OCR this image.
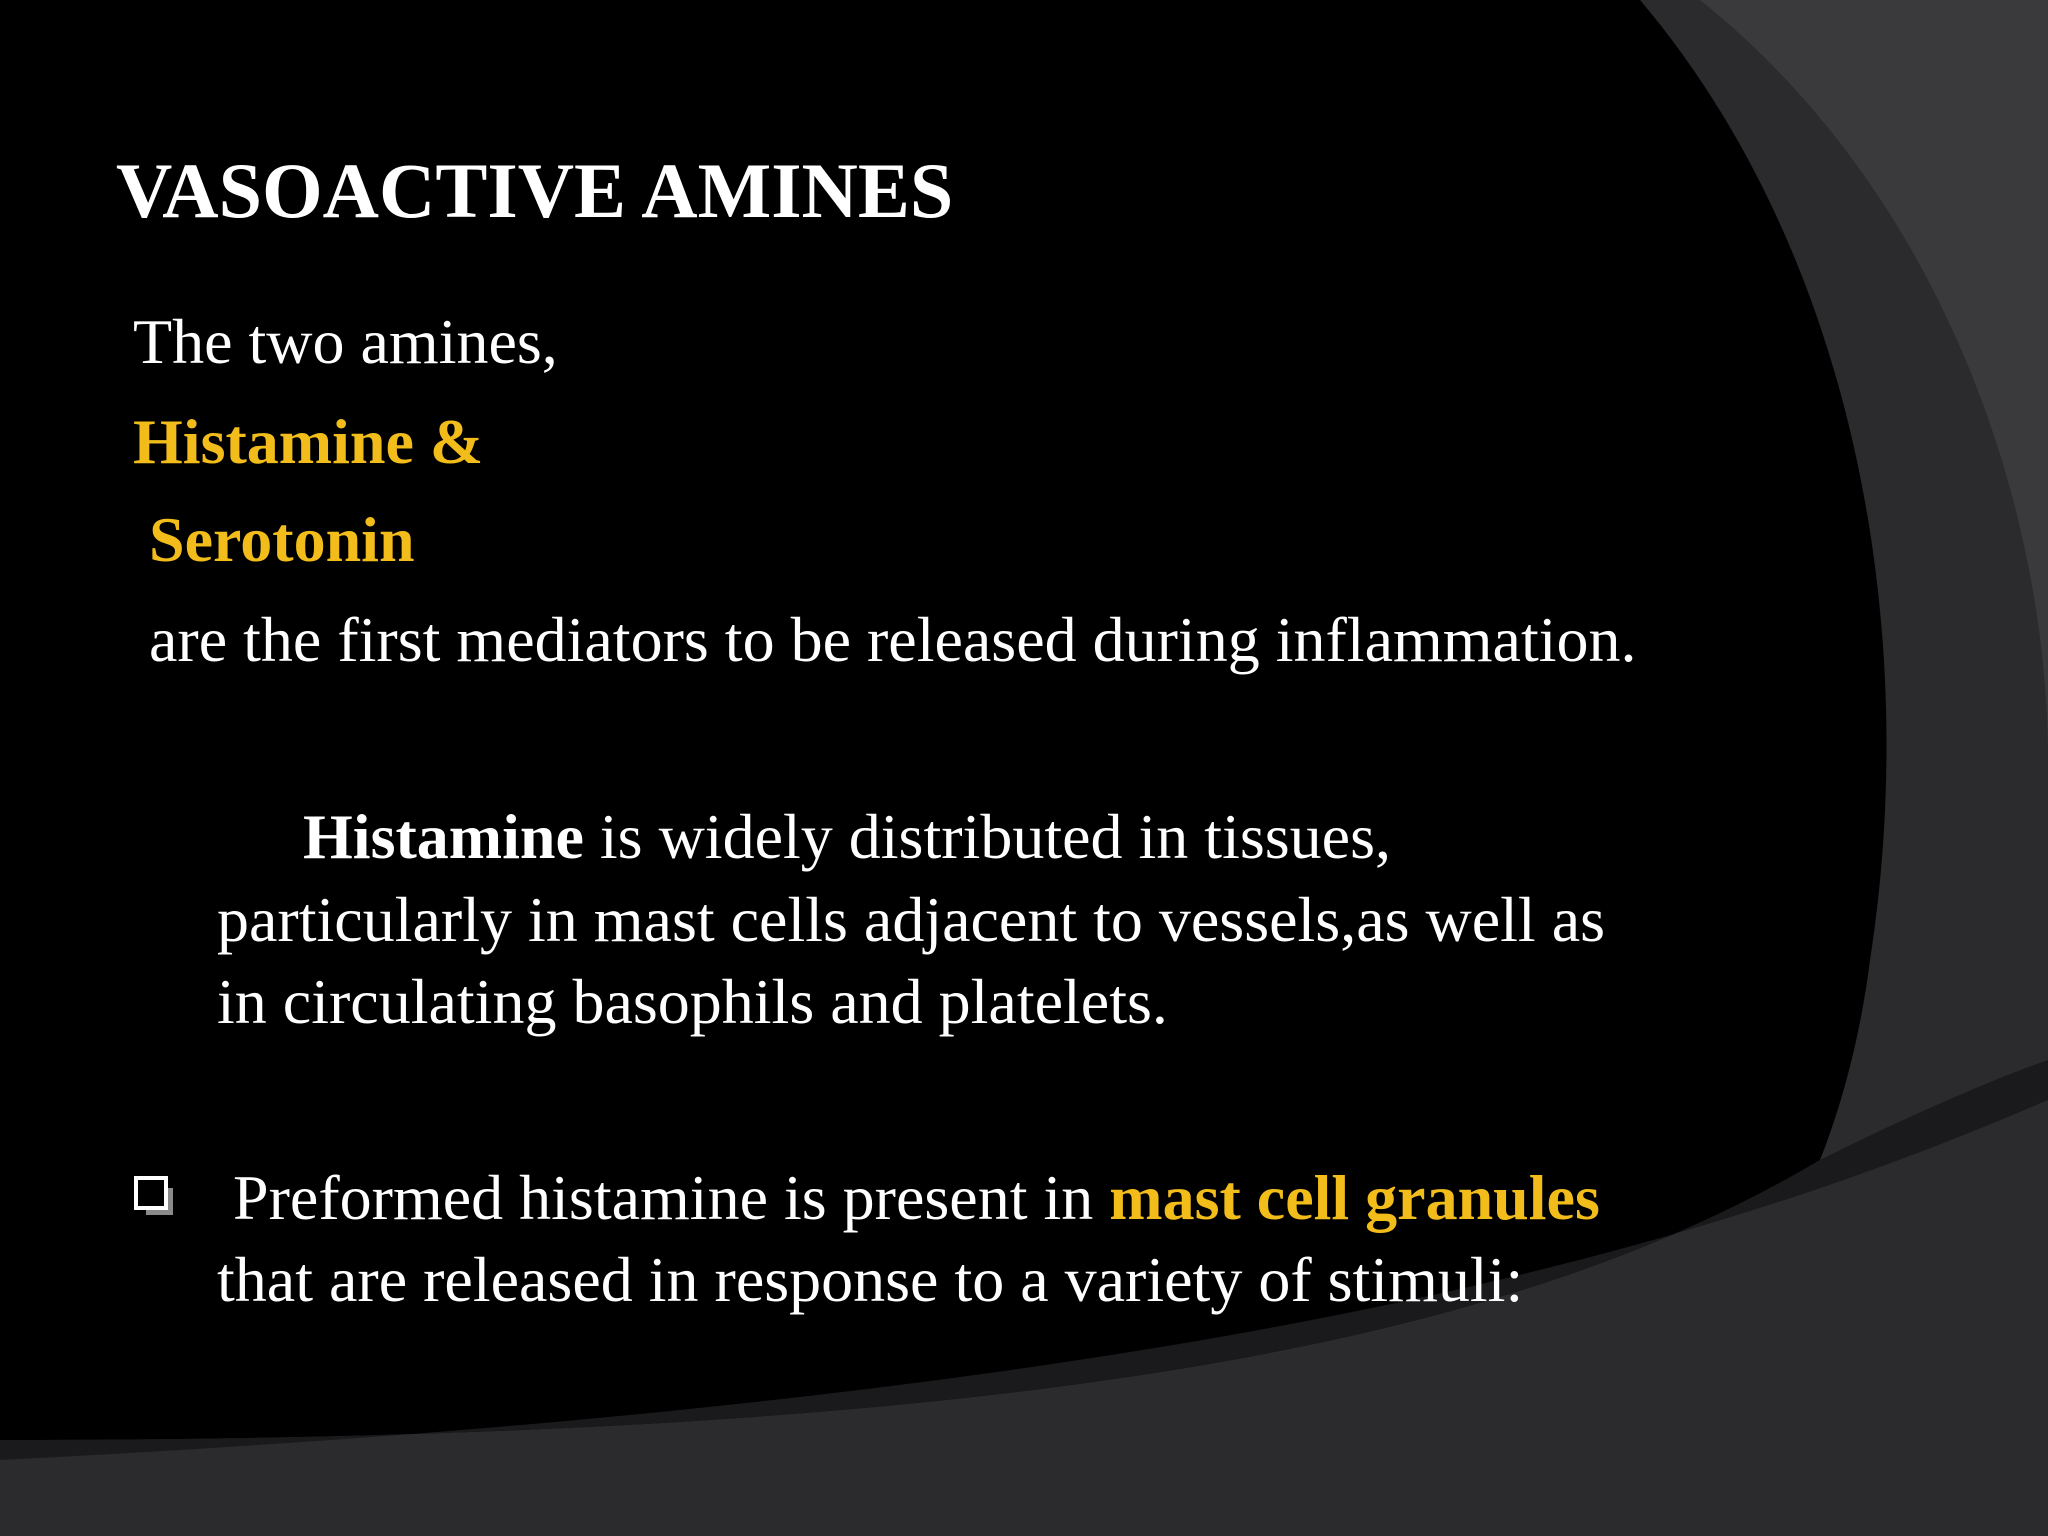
VASOACTIVE AMINES
The two amines,
Histamine &
Serotonin
are the first mediators to be released during inflammation.
Histamine is widely distributed in tissues,
particularly in mast cells adjacent to vessels,as well as
in circulating basophils and platelets.
Preformed histamine is present in mast cell granules
that are released in response to a variety of stimuli:
